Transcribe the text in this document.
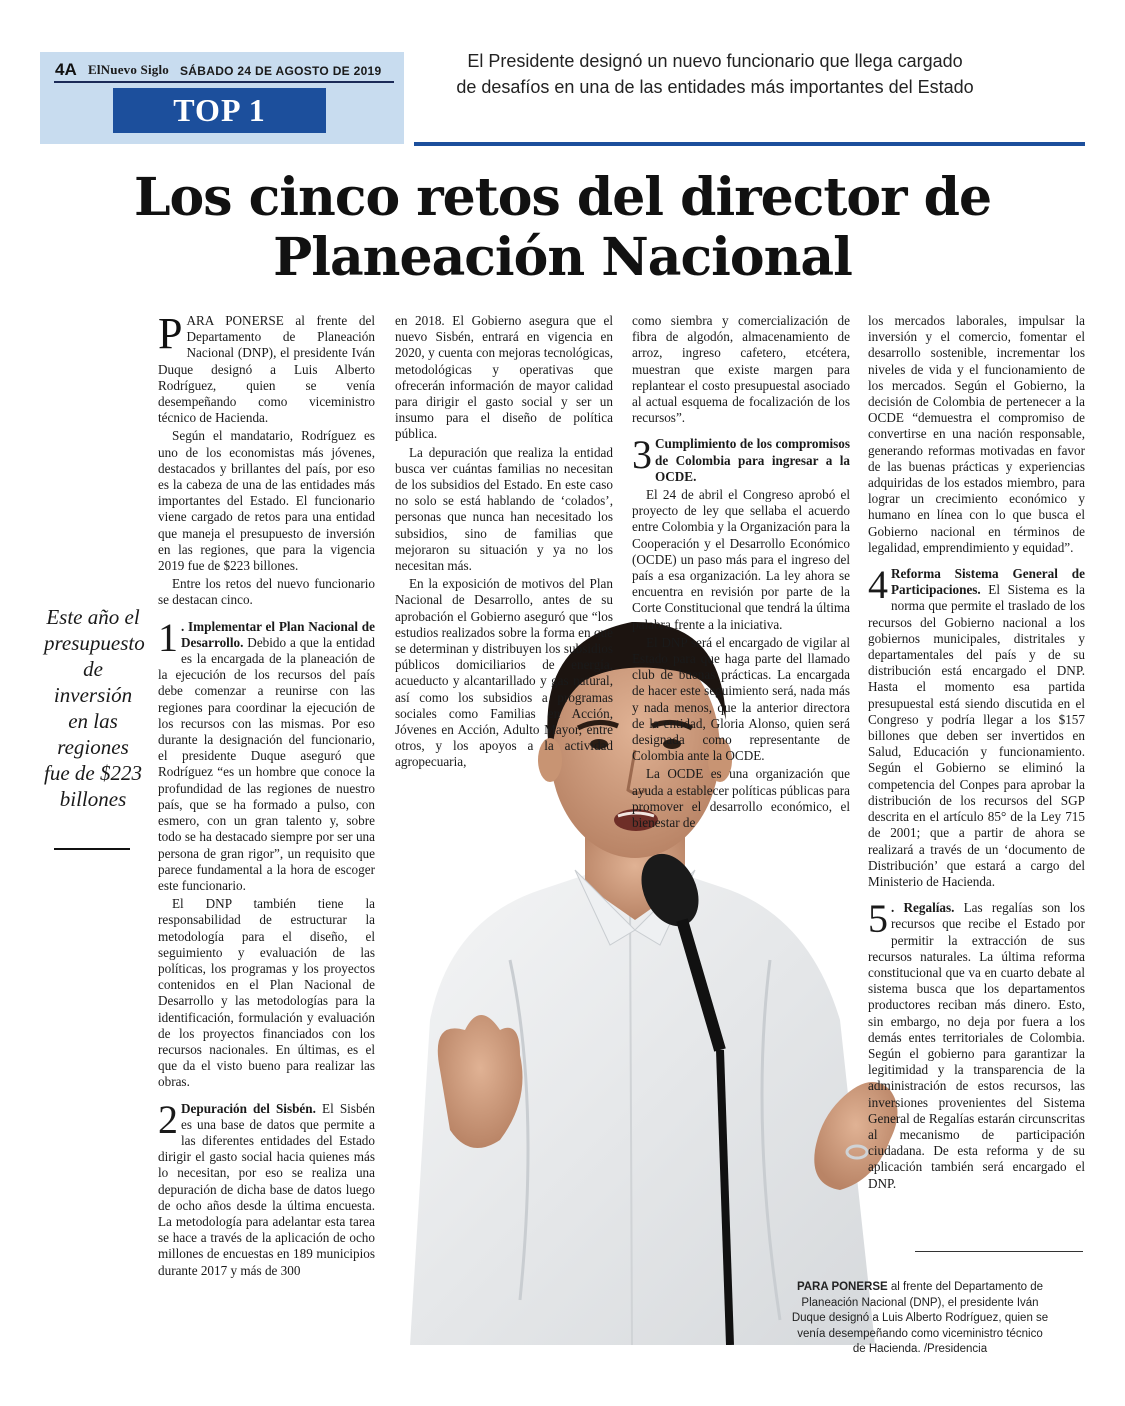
4A ElNuevo Siglo SÁBADO 24 DE AGOSTO DE 2019
TOP 1
El Presidente designó un nuevo funcionario que llega cargado de desafíos en una de las entidades más importantes del Estado
Los cinco retos del director de Planeación Nacional
Este año el presupuesto de inversión en las regiones fue de $223 billones

PARA PONERSE al frente del Departamento de Planeación Nacional (DNP), el presidente Iván Duque designó a Luis Alberto Rodríguez, quien se venía desempeñando como viceministro técnico de Hacienda.

Según el mandatario, Rodríguez es uno de los economistas más jóvenes, destacados y brillantes del país, por eso es la cabeza de una de las entidades más importantes del Estado. El funcionario viene cargado de retos para una entidad que maneja el presupuesto de inversión en las regiones, que para la vigencia 2019 fue de $223 billones.

Entre los retos del nuevo funcionario se destacan cinco.

1 . Implementar el Plan Nacional de Desarrollo. Debido a que la entidad es la encargada de la planeación de la ejecución de los recursos del país debe comenzar a reunirse con las regiones para coordinar la ejecución de los recursos con las mismas. Por eso durante la designación del funcionario, el presidente Duque aseguró que Rodríguez “es un hombre que conoce la profundidad de las regiones de nuestro país, que se ha formado a pulso, con esmero, con un gran talento y, sobre todo se ha destacado siempre por ser una persona de gran rigor”, un requisito que parece fundamental a la hora de escoger este funcionario.

El DNP también tiene la responsabilidad de estructurar la metodología para el diseño, el seguimiento y evaluación de las políticas, los programas y los proyectos contenidos en el Plan Nacional de Desarrollo y las metodologías para la identificación, formulación y evaluación de los proyectos financiados con los recursos nacionales. En últimas, es el que da el visto bueno para realizar las obras.

2 Depuración del Sisbén. El Sisbén es una base de datos que permite a las diferentes entidades del Estado dirigir el gasto social hacia quienes más lo necesitan, por eso se realiza una depuración de dicha base de datos luego de ocho años desde la última encuesta. La metodología para adelantar esta tarea se hace a través de la aplicación de ocho millones de encuestas en 189 municipios durante 2017 y más de 300

en 2018. El Gobierno asegura que el nuevo Sisbén, entrará en vigencia en 2020, y cuenta con mejoras tecnológicas, metodológicas y operativas que ofrecerán información de mayor calidad para dirigir el gasto social y ser un insumo para el diseño de política pública.

La depuración que realiza la entidad busca ver cuántas familias no necesitan de los subsidios del Estado. En este caso no solo se está hablando de ‘colados’, personas que nunca han necesitado los subsidios, sino de familias que mejoraron su situación y ya no los necesitan más.

En la exposición de motivos del Plan Nacional de Desarrollo, antes de su aprobación el Gobierno aseguró que “los estudios realizados sobre la forma en que se determinan y distribuyen los subsidios públicos domiciliarios de energía, acueducto y alcantarillado y gas natural, así como los subsidios a programas sociales como Familias en Acción, Jóvenes en Acción, Adulto Mayor, entre otros, y los apoyos a la actividad agropecuaria,

como siembra y comercialización de fibra de algodón, almacenamiento de arroz, ingreso cafetero, etcétera, muestran que existe margen para replantear el costo presupuestal asociado al actual esquema de focalización de los recursos”.

3 Cumplimiento de los compromisos de Colombia para ingresar a la OCDE.

El 24 de abril el Congreso aprobó el proyecto de ley que sellaba el acuerdo entre Colombia y la Organización para la Cooperación y el Desarrollo Económico (OCDE) un paso más para el ingreso del país a esa organización. La ley ahora se encuentra en revisión por parte de la Corte Constitucional que tendrá la última palabra frente a la iniciativa.

El DNP será el encargado de vigilar al Estado para que haga parte del llamado club de buenas prácticas. La encargada de hacer este seguimiento será, nada más y nada menos, que la anterior directora de la entidad, Gloria Alonso, quien será designada como representante de Colombia ante la OCDE.

La OCDE es una organización que ayuda a establecer políticas públicas para promover el desarrollo económico, el bienestar de

los mercados laborales, impulsar la inversión y el comercio, fomentar el desarrollo sostenible, incrementar los niveles de vida y el funcionamiento de los mercados. Según el Gobierno, la decisión de Colombia de pertenecer a la OCDE “demuestra el compromiso de convertirse en una nación responsable, generando reformas motivadas en favor de las buenas prácticas y experiencias adquiridas de los estados miembro, para lograr un crecimiento económico y humano en línea con lo que busca el Gobierno nacional en términos de legalidad, emprendimiento y equidad”.

4 Reforma Sistema General de Participaciones. El Sistema es la norma que permite el traslado de los recursos del Gobierno nacional a los gobiernos municipales, distritales y departamentales del país y de su distribución está encargado el DNP. Hasta el momento esa partida presupuestal está siendo discutida en el Congreso y podría llegar a los $157 billones que deben ser invertidos en Salud, Educación y funcionamiento. Según el Gobierno se eliminó la competencia del Conpes para aprobar la distribución de los recursos del SGP descrita en el artículo 85° de la Ley 715 de 2001; que a partir de ahora se realizará a través de un ‘documento de Distribución’ que estará a cargo del Ministerio de Hacienda.

5 . Regalías. Las regalías son los recursos que recibe el Estado por permitir la extracción de sus recursos naturales. La última reforma constitucional que va en cuarto debate al sistema busca que los departamentos productores reciban más dinero. Esto, sin embargo, no deja por fuera a los demás entes territoriales de Colombia. Según el gobierno para garantizar la legitimidad y la transparencia de la administración de estos recursos, las inversiones provenientes del Sistema General de Regalías estarán circunscritas al mecanismo de participación ciudadana. De esta reforma y de su aplicación también será encargado el DNP.

PARA PONERSE al frente del Departamento de Planeación Nacional (DNP), el presidente Iván Duque designó a Luis Alberto Rodríguez, quien se venía desempeñando como viceministro técnico de Hacienda. /Presidencia
